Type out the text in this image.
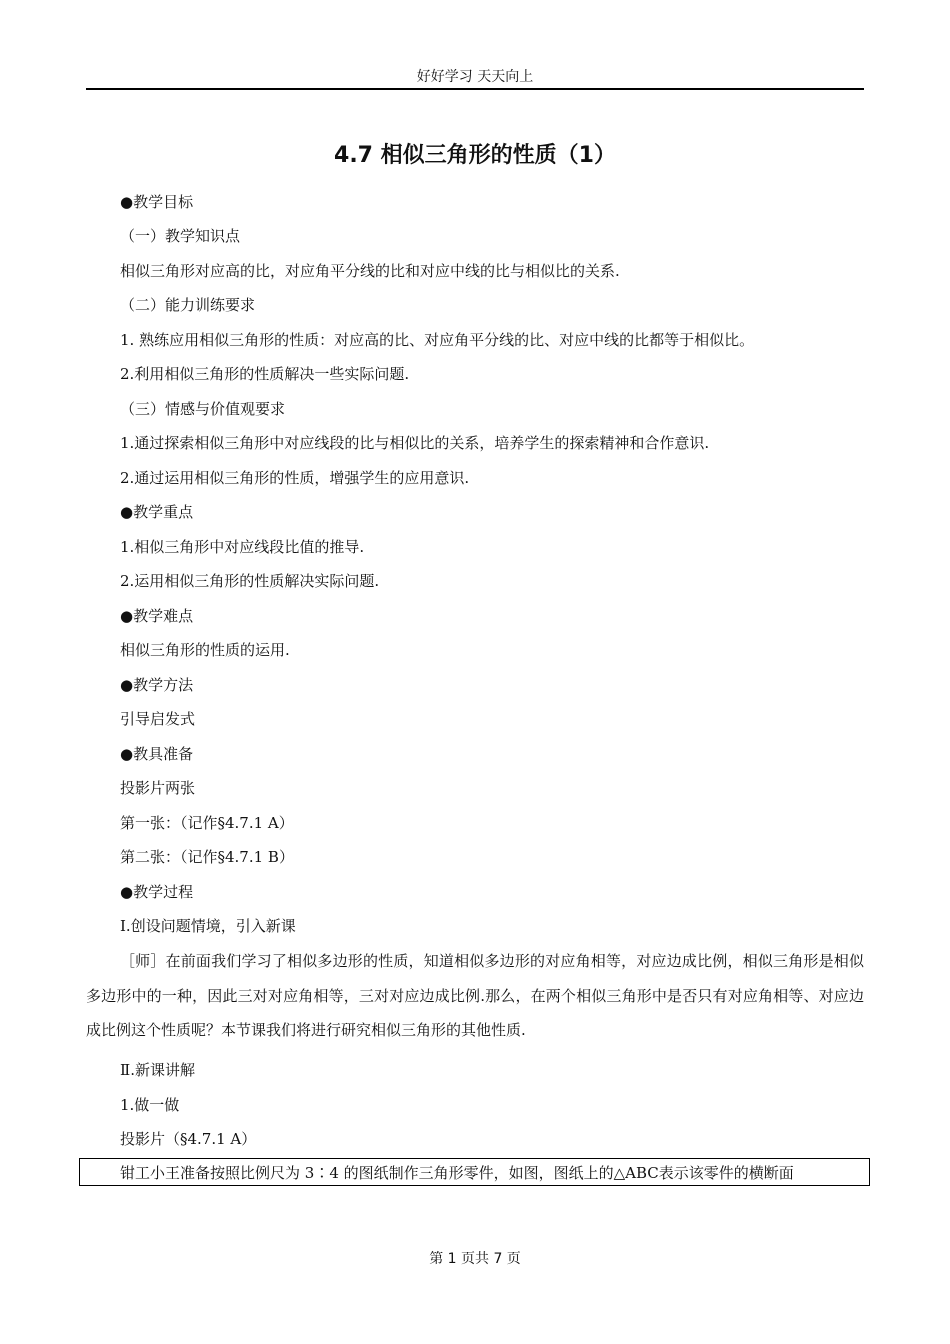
好好学习 天天向上
4.7 相似三角形的性质（1）
●教学目标
（一）教学知识点
相似三角形对应高的比，对应角平分线的比和对应中线的比与相似比的关系.
（二）能力训练要求
1. 熟练应用相似三角形的性质：对应高的比、对应角平分线的比、对应中线的比都等于相似比。
2.利用相似三角形的性质解决一些实际问题.
（三）情感与价值观要求
1.通过探索相似三角形中对应线段的比与相似比的关系，培养学生的探索精神和合作意识.
2.通过运用相似三角形的性质，增强学生的应用意识.
●教学重点
1.相似三角形中对应线段比值的推导.
2.运用相似三角形的性质解决实际问题.
●教学难点
相似三角形的性质的运用.
●教学方法
引导启发式
●教具准备
投影片两张
第一张：（记作§4.7.1 A）
第二张：（记作§4.7.1 B）
●教学过程
Ⅰ.创设问题情境，引入新课
［师］在前面我们学习了相似多边形的性质，知道相似多边形的对应角相等，对应边成比例，相似三角形是相似多边形中的一种，因此三对对应角相等，三对对应边成比例.那么，在两个相似三角形中是否只有对应角相等、对应边成比例这个性质呢？本节课我们将进行研究相似三角形的其他性质.
Ⅱ.新课讲解
1.做一做
投影片（§4.7.1 A）
钳工小王准备按照比例尺为 3∶4 的图纸制作三角形零件，如图，图纸上的△ABC表示该零件的横断面
第 1 页共 7 页
